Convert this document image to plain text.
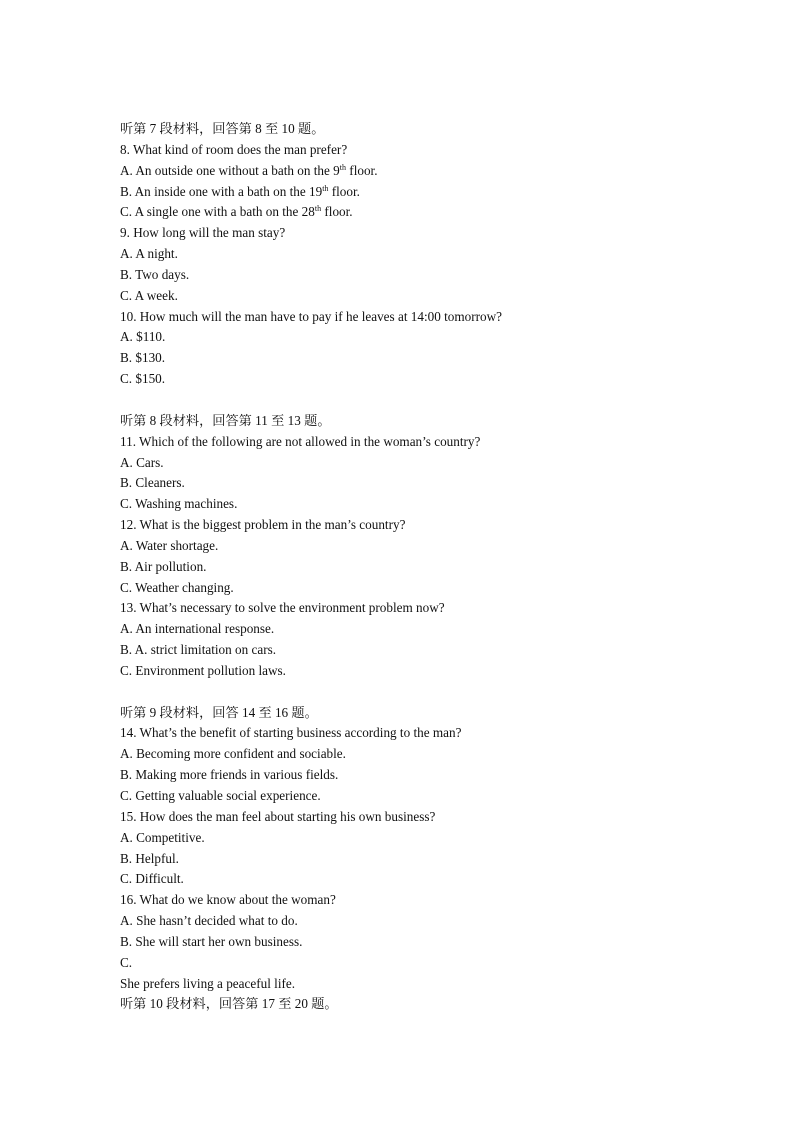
听第 7 段材料，回答第 8 至 10 题。
8. What kind of room does the man prefer?
A. An outside one without a bath on the 9th floor.
B. An inside one with a bath on the 19th floor.
C. A single one with a bath on the 28th floor.
9. How long will the man stay?
A. A night.
B. Two days.
C. A week.
10. How much will the man have to pay if he leaves at 14:00 tomorrow?
A. $110.
B. $130.
C. $150.
听第 8 段材料，回答第 11 至 13 题。
11. Which of the following are not allowed in the woman’s country?
A. Cars.
B. Cleaners.
C. Washing machines.
12. What is the biggest problem in the man’s country?
A. Water shortage.
B. Air pollution.
C. Weather changing.
13. What’s necessary to solve the environment problem now?
A. An international response.
B. A. strict limitation on cars.
C. Environment pollution laws.
听第 9 段材料，回答 14 至 16 题。
14. What’s the benefit of starting business according to the man?
A. Becoming more confident and sociable.
B. Making more friends in various fields.
C. Getting valuable social experience.
15. How does the man feel about starting his own business?
A. Competitive.
B. Helpful.
C. Difficult.
16. What do we know about the woman?
A. She hasn’t decided what to do.
B. She will start her own business.
C.
She prefers living a peaceful life.
听第 10 段材料，回答第 17 至 20 题。
